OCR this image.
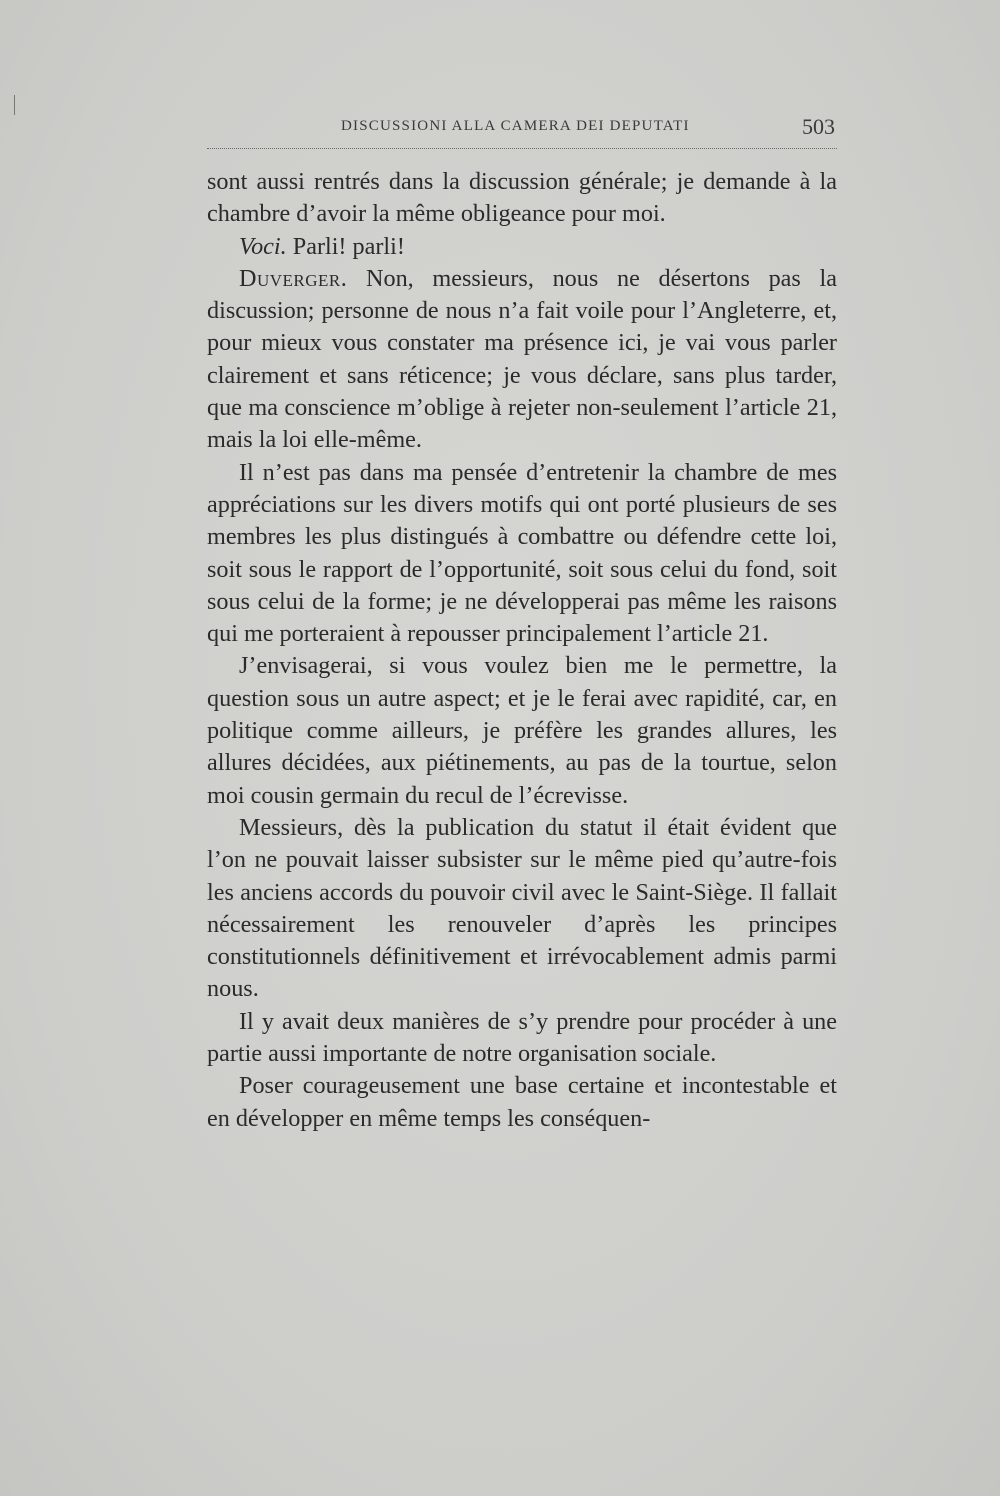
DISCUSSIONI ALLA CAMERA DEI DEPUTATI	503

sont aussi rentrés dans la discussion générale; je demande à la chambre d’avoir la même obligeance pour moi.

Voci. Parli! parli!

Duverger. Non, messieurs, nous ne désertons pas la discussion; personne de nous n’a fait voile pour l’Angleterre, et, pour mieux vous constater ma présence ici, je vai vous parler clairement et sans réticence; je vous déclare, sans plus tarder, que ma conscience m’oblige à rejeter non-seulement l’article 21, mais la loi elle-même.

Il n’est pas dans ma pensée d’entretenir la chambre de mes appréciations sur les divers motifs qui ont porté plusieurs de ses membres les plus distingués à combattre ou défendre cette loi, soit sous le rapport de l’opportunité, soit sous celui du fond, soit sous celui de la forme; je ne développerai pas même les raisons qui me porteraient à repousser principalement l’article 21.

J’envisagerai, si vous voulez bien me le permettre, la question sous un autre aspect; et je le ferai avec rapidité, car, en politique comme ailleurs, je préfère les grandes allures, les allures décidées, aux piétinements, au pas de la tourtue, selon moi cousin germain du recul de l’écrevisse.

Messieurs, dès la publication du statut il était évident que l’on ne pouvait laisser subsister sur le même pied qu’autre-fois les anciens accords du pouvoir civil avec le Saint-Siège. Il fallait nécessairement les renouveler d’après les principes constitutionnels définitivement et irrévocablement admis parmi nous.

Il y avait deux manières de s’y prendre pour procéder à une partie aussi importante de notre organisation sociale.

Poser courageusement une base certaine et incontestable et en développer en même temps les conséquen-
